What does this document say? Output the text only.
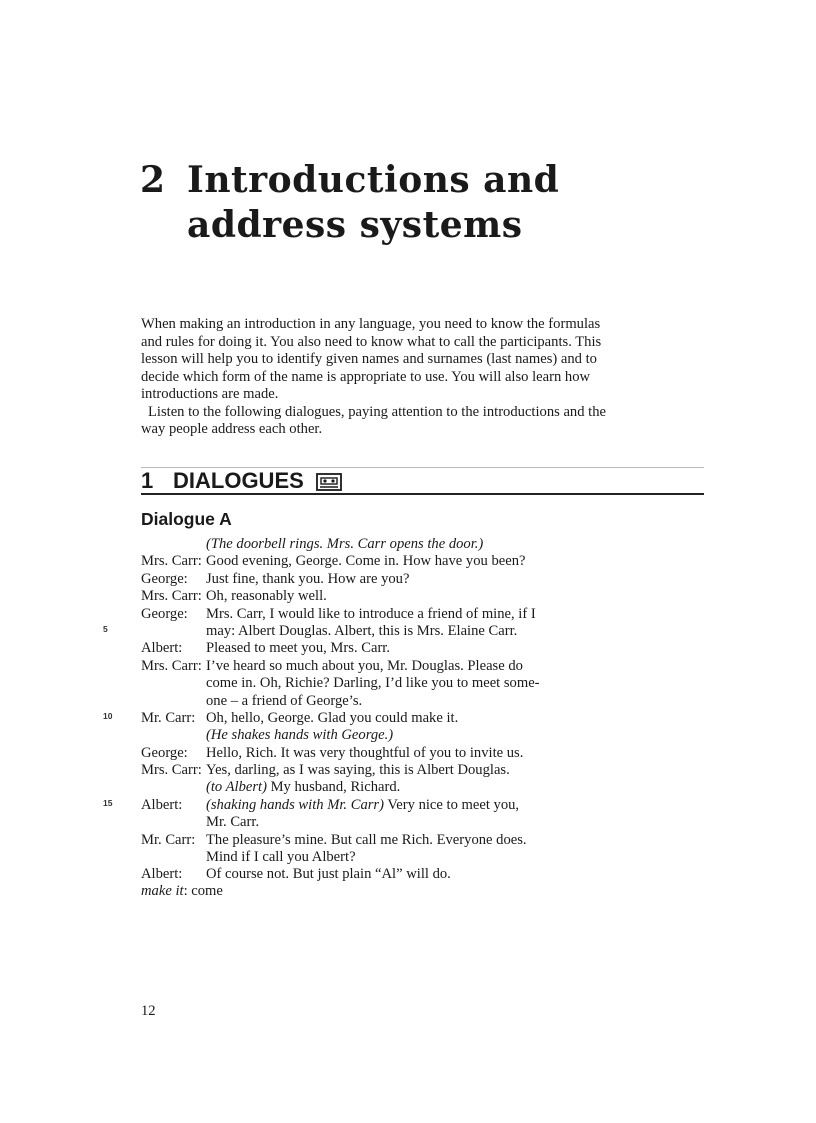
2 Introductions and
address systems

When making an introduction in any language, you need to know the formulas and rules for doing it. You also need to know what to call the participants. This lesson will help you to identify given names and surnames (last names) and to decide which form of the name is appropriate to use. You will also learn how introductions are made.

Listen to the following dialogues, paying attention to the introductions and the way people address each other.

1 DIALOGUES
Dialogue A
(The doorbell rings. Mrs. Carr opens the door.)
Mrs. Carr: Good evening, George. Come in. How have you been?
George:	Just fine, thank you. How are you?
Mrs. Carr: Oh, reasonably well.
George:	Mrs. Carr, I would like to introduce a friend of mine, if I
may: Albert Douglas. Albert, this is Mrs. Elaine Carr.
Albert:	Pleased to meet you, Mrs. Carr.
Mrs. Carr: I’ve heard so much about you, Mr. Douglas. Please do
come in. Oh, Richie? Darling, I’d like you to meet some-
one – a friend of George’s.
Mr. Carr: Oh, hello, George. Glad you could make it.
(He shakes hands with George.)
George:	Hello, Rich. It was very thoughtful of you to invite us.
Mrs. Carr: Yes, darling, as I was saying, this is Albert Douglas.
(to Albert) My husband, Richard.
Albert:	(shaking hands with Mr. Carr) Very nice to meet you,
Mr. Carr.
Mr. Carr: The pleasure’s mine. But call me Rich. Everyone does.
Mind if I call you Albert?
Albert:	Of course not. But just plain “Al” will do.
5
10
15
make it: come
12
